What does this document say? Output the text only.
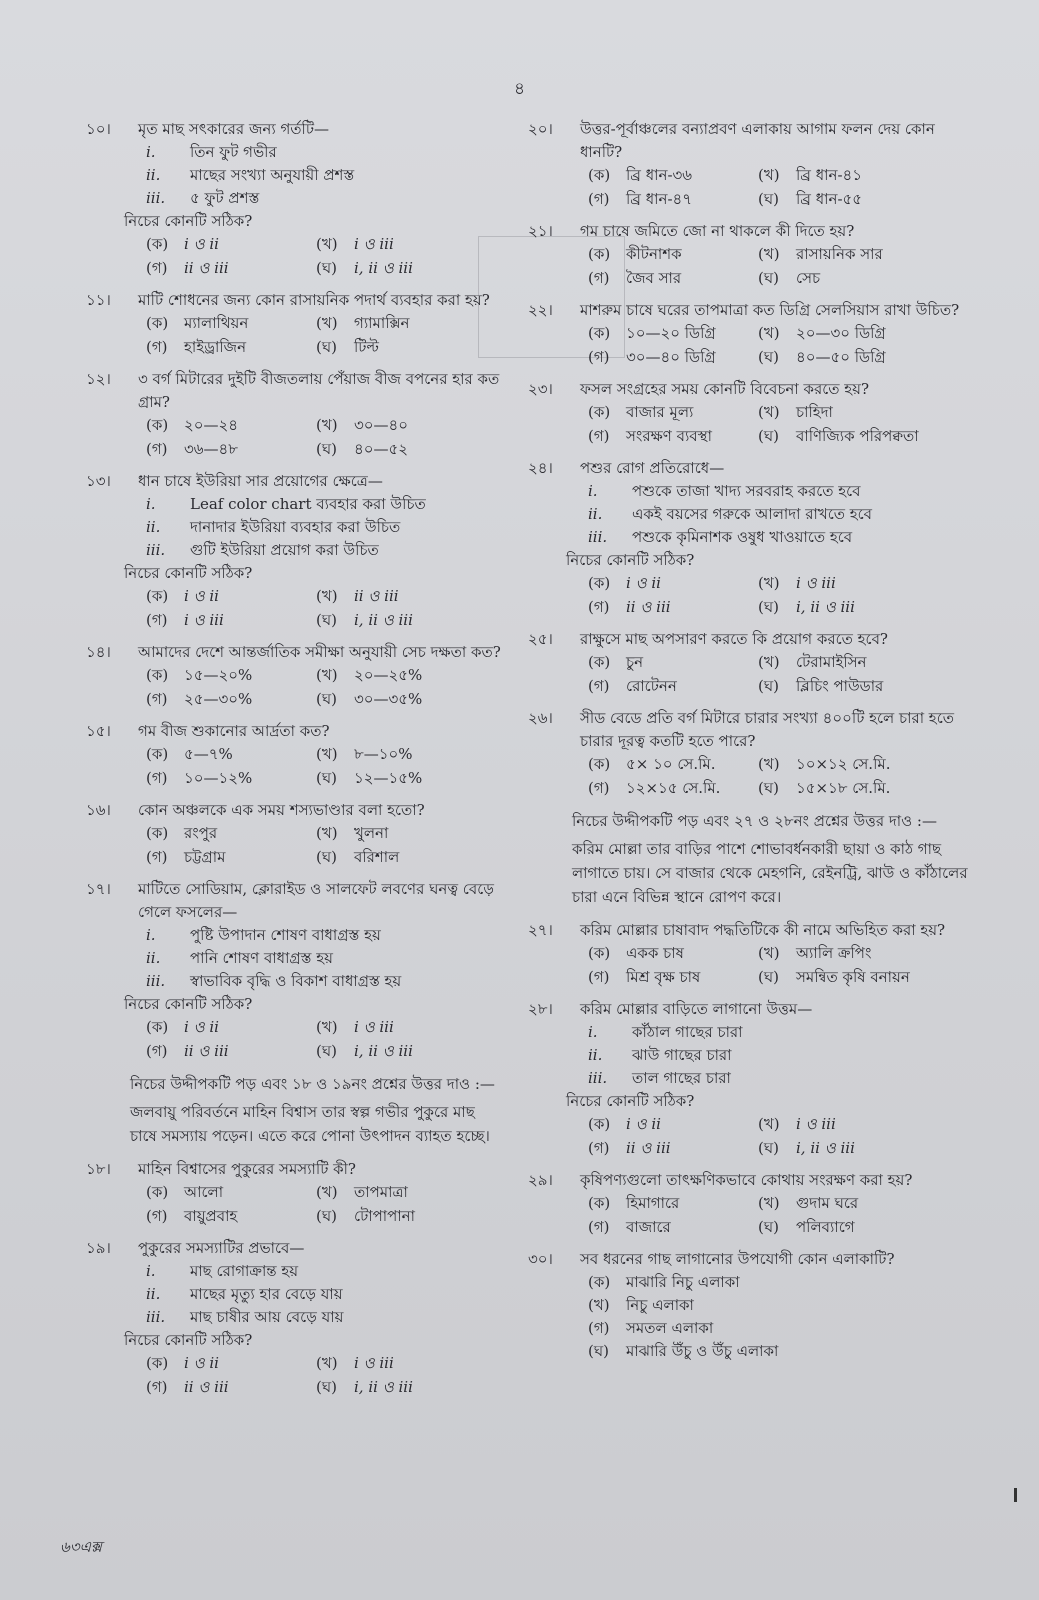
৪
১০।	মৃত মাছ সৎকারের জন্য গর্তটি—
i.	তিন ফুট গভীর
ii.	মাছের সংখ্যা অনুযায়ী প্রশস্ত
iii.	৫ ফুট প্রশস্ত
নিচের কোনটি সঠিক?
(ক) i ও ii	(খ) i ও iii
(গ) ii ও iii	(ঘ) i, ii ও iii
১১।	মাটি শোধনের জন্য কোন রাসায়নিক পদার্থ ব্যবহার করা হয়?
(ক) ম্যালাথিয়ন	(খ) গ্যামাক্সিন
(গ) হাইড্রাজিন	(ঘ) টিল্ট
১২।	৩ বর্গ মিটারের দুইটি বীজতলায় পেঁয়াজ বীজ বপনের হার কত গ্রাম?
(ক) ২০—২৪	(খ) ৩০—৪০
(গ) ৩৬—৪৮	(ঘ) ৪০—৫২
১৩।	ধান চাষে ইউরিয়া সার প্রয়োগের ক্ষেত্রে—
i.	Leaf color chart ব্যবহার করা উচিত
ii.	দানাদার ইউরিয়া ব্যবহার করা উচিত
iii.	গুটি ইউরিয়া প্রয়োগ করা উচিত
নিচের কোনটি সঠিক?
(ক) i ও ii	(খ) ii ও iii
(গ) i ও iii	(ঘ) i, ii ও iii
১৪।	আমাদের দেশে আন্তর্জাতিক সমীক্ষা অনুযায়ী সেচ দক্ষতা কত?
(ক) ১৫—২০%	(খ) ২০—২৫%
(গ) ২৫—৩০%	(ঘ) ৩০—৩৫%
১৫।	গম বীজ শুকানোর আর্দ্রতা কত?
(ক) ৫—৭%	(খ) ৮—১০%
(গ) ১০—১২%	(ঘ) ১২—১৫%
১৬।	কোন অঞ্চলকে এক সময় শস্যভাণ্ডার বলা হতো?
(ক) রংপুর	(খ) খুলনা
(গ) চট্টগ্রাম	(ঘ) বরিশাল
১৭।	মাটিতে সোডিয়াম, ক্লোরাইড ও সালফেট লবণের ঘনত্ব বেড়ে গেলে ফসলের—
i.	পুষ্টি উপাদান শোষণ বাধাগ্রস্ত হয়
ii.	পানি শোষণ বাধাগ্রস্ত হয়
iii.	স্বাভাবিক বৃদ্ধি ও বিকাশ বাধাগ্রস্ত হয়
নিচের কোনটি সঠিক?
(ক) i ও ii	(খ) i ও iii
(গ) ii ও iii	(ঘ) i, ii ও iii
নিচের উদ্দীপকটি পড় এবং ১৮ ও ১৯নং প্রশ্নের উত্তর দাও :—
জলবায়ু পরিবর্তনে মাহিন বিশ্বাস তার স্বল্প গভীর পুকুরে মাছ চাষে সমস্যায় পড়েন। এতে করে পোনা উৎপাদন ব্যাহত হচ্ছে।
১৮।	মাহিন বিশ্বাসের পুকুরের সমস্যাটি কী?
(ক) আলো	(খ) তাপমাত্রা
(গ) বায়ুপ্রবাহ	(ঘ) টোপাপানা
১৯।	পুকুরের সমস্যাটির প্রভাবে—
i.	মাছ রোগাক্রান্ত হয়
ii.	মাছের মৃত্যু হার বেড়ে যায়
iii.	মাছ চাষীর আয় বেড়ে যায়
নিচের কোনটি সঠিক?
(ক) i ও ii	(খ) i ও iii
(গ) ii ও iii	(ঘ) i, ii ও iii
২০।	উত্তর-পূর্বাঞ্চলের বন্যাপ্রবণ এলাকায় আগাম ফলন দেয় কোন ধানটি?
(ক) ব্রি ধান-৩৬	(খ) ব্রি ধান-৪১
(গ) ব্রি ধান-৪৭	(ঘ) ব্রি ধান-৫৫
২১।	গম চাষে জমিতে জো না থাকলে কী দিতে হয়?
(ক) কীটনাশক	(খ) রাসায়নিক সার
(গ) জৈব সার	(ঘ) সেচ
২২।	মাশরুম চাষে ঘরের তাপমাত্রা কত ডিগ্রি সেলসিয়াস রাখা উচিত?
(ক) ১০—২০ ডিগ্রি	(খ) ২০—৩০ ডিগ্রি
(গ) ৩০—৪০ ডিগ্রি	(ঘ) ৪০—৫০ ডিগ্রি
২৩।	ফসল সংগ্রহের সময় কোনটি বিবেচনা করতে হয়?
(ক) বাজার মূল্য	(খ) চাহিদা
(গ) সংরক্ষণ ব্যবস্থা	(ঘ) বাণিজ্যিক পরিপক্বতা
২৪।	পশুর রোগ প্রতিরোধে—
i.	পশুকে তাজা খাদ্য সরবরাহ করতে হবে
ii.	একই বয়সের গরুকে আলাদা রাখতে হবে
iii.	পশুকে কৃমিনাশক ওষুধ খাওয়াতে হবে
নিচের কোনটি সঠিক?
(ক) i ও ii	(খ) i ও iii
(গ) ii ও iii	(ঘ) i, ii ও iii
২৫।	রাক্ষুসে মাছ অপসারণ করতে কি প্রয়োগ করতে হবে?
(ক) চুন	(খ) টেরামাইসিন
(গ) রোটেনন	(ঘ) ব্লিচিং পাউডার
২৬।	সীড বেডে প্রতি বর্গ মিটারে চারার সংখ্যা ৪০০টি হলে চারা হতে চারার দূরত্ব কতটি হতে পারে?
(ক) ৫× ১০ সে.মি.	(খ) ১০×১২ সে.মি.
(গ) ১২×১৫ সে.মি.	(ঘ) ১৫×১৮ সে.মি.
নিচের উদ্দীপকটি পড় এবং ২৭ ও ২৮নং প্রশ্নের উত্তর দাও :—
করিম মোল্লা তার বাড়ির পাশে শোভাবর্ধনকারী ছায়া ও কাঠ গাছ লাগাতে চায়। সে বাজার থেকে মেহগনি, রেইনট্রি, ঝাউ ও কাঁঠালের চারা এনে বিভিন্ন স্থানে রোপণ করে।
২৭।	করিম মোল্লার চাষাবাদ পদ্ধতিটিকে কী নামে অভিহিত করা হয়?
(ক) একক চাষ	(খ) অ্যালি ক্রপিং
(গ) মিশ্র বৃক্ষ চাষ	(ঘ) সমন্বিত কৃষি বনায়ন
২৮।	করিম মোল্লার বাড়িতে লাগানো উত্তম—
i.	কাঁঠাল গাছের চারা
ii.	ঝাউ গাছের চারা
iii.	তাল গাছের চারা
নিচের কোনটি সঠিক?
(ক) i ও ii	(খ) i ও iii
(গ) ii ও iii	(ঘ) i, ii ও iii
২৯।	কৃষিপণ্যগুলো তাৎক্ষণিকভাবে কোথায় সংরক্ষণ করা হয়?
(ক) হিমাগারে	(খ) গুদাম ঘরে
(গ) বাজারে	(ঘ) পলিব্যাগে
৩০।	সব ধরনের গাছ লাগানোর উপযোগী কোন এলাকাটি?
(ক) মাঝারি নিচু এলাকা
(খ) নিচু এলাকা
(গ) সমতল এলাকা
(ঘ) মাঝারি উঁচু ও উঁচু এলাকা
৬৩এক্স
